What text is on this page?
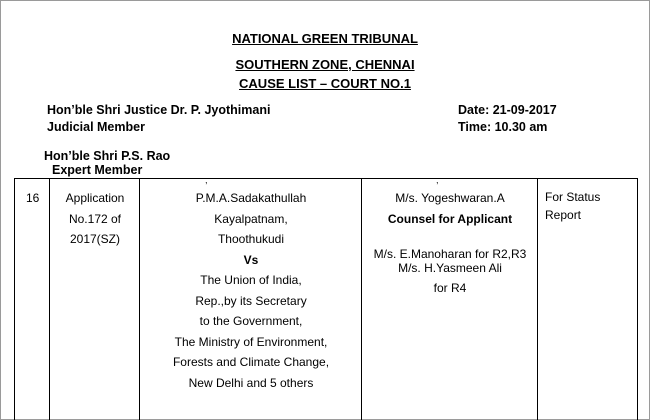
NATIONAL GREEN TRIBUNAL
SOUTHERN ZONE, CHENNAI
CAUSE LIST – COURT NO.1
Hon’ble Shri Justice Dr. P. Jyothimani
Judicial Member
Date: 21-09-2017
Time: 10.30 am
Hon’ble Shri P.S. Rao
Expert Member
,	,
16	Application
No.172 of
2017(SZ)
P.M.A.Sadakathullah
Kayalpatnam,
Thoothukudi
Vs
The Union of India,
Rep.,by its Secretary
to the Government,
The Ministry of Environment,
Forests and Climate Change,
New Delhi and 5 others
M/s. Yogeshwaran.A
Counsel for Applicant
M/s. E.Manoharan for R2,R3
M/s. H.Yasmeen Ali
for R4
For Status
Report
